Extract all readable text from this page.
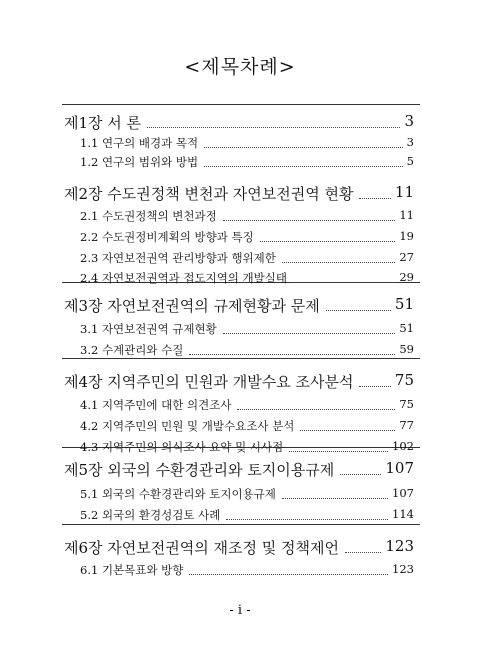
<제목차례>
제1장 서 론	3
1.1 연구의 배경과 목적	3
1.2 연구의 범위와 방법	5
제2장 수도권정책 변천과 자연보전권역 현황	11
2.1 수도권정책의 변천과정	11
2.2 수도권정비계획의 방향과 특징	19
2.3 자연보전권역 관리방향과 행위제한	27
2.4 자연보전권역과 접도지역의 개발실태	29
제3장 자연보전권역의 규제현황과 문제	51
3.1 자연보전권역 규제현황	51
3.2 수계관리와 수질	59
제4장 지역주민의 민원과 개발수요 조사분석	75
4.1 지역주민에 대한 의견조사	75
4.2 지역주민의 민원 및 개발수요조사 분석	77
4.3 지역주민의 의식조사 요약 및 시사점	102
제5장 외국의 수환경관리와 토지이용규제	107
5.1 외국의 수환경관리와 토지이용규제	107
5.2 외국의 환경성검토 사례	114
제6장 자연보전권역의 재조정 및 정책제언	123
6.1 기본목표와 방향	123
- i -
